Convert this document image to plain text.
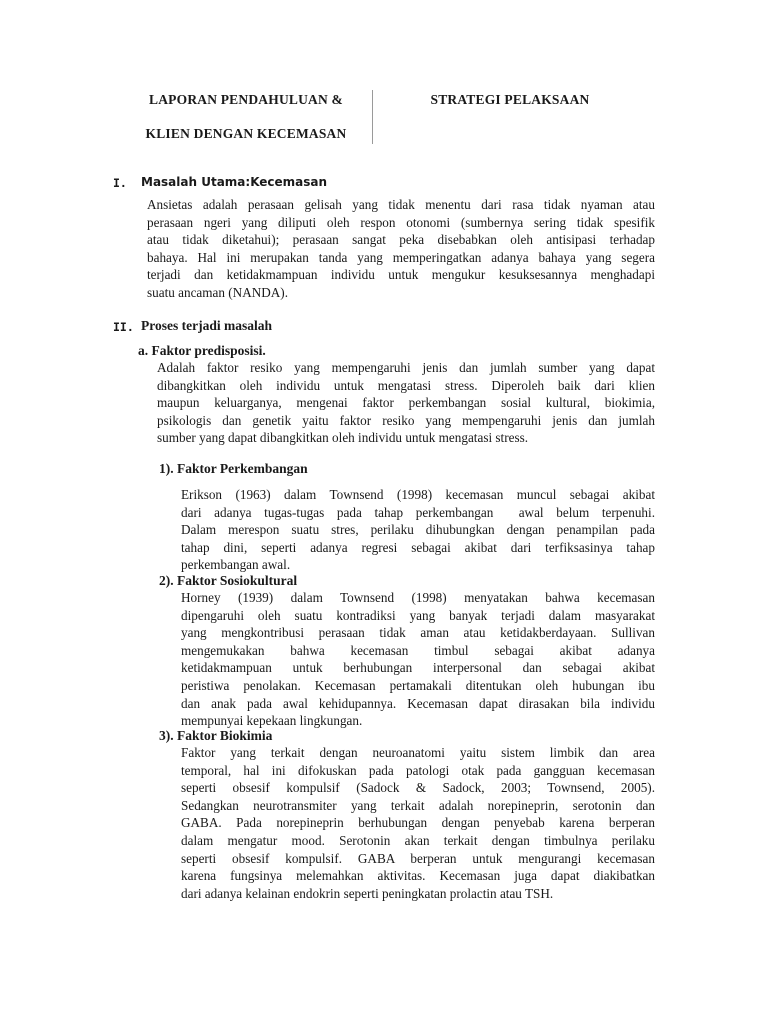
LAPORAN PENDAHULUAN &
KLIEN DENGAN KECEMASAN
STRATEGI PELAKSAAN
I. Masalah Utama:Kecemasan
Ansietas adalah perasaan gelisah yang tidak menentu dari rasa tidak nyaman atau
perasaan ngeri yang diliputi oleh respon otonomi (sumbernya sering tidak spesifik
atau tidak diketahui); perasaan sangat peka disebabkan oleh antisipasi terhadap
bahaya. Hal ini merupakan tanda yang memperingatkan adanya bahaya yang segera
terjadi dan ketidakmampuan individu untuk mengukur kesuksesannya menghadapi
suatu ancaman (NANDA).
II. Proses terjadi masalah
a. Faktor predisposisi.
Adalah faktor resiko yang mempengaruhi jenis dan jumlah sumber yang dapat
dibangkitkan oleh individu untuk mengatasi stress. Diperoleh baik dari klien
maupun keluarganya, mengenai faktor perkembangan sosial kultural, biokimia,
psikologis dan genetik yaitu faktor resiko yang mempengaruhi jenis dan jumlah
sumber yang dapat dibangkitkan oleh individu untuk mengatasi stress.
1). Faktor Perkembangan
Erikson (1963) dalam Townsend (1998) kecemasan muncul sebagai akibat
dari adanya tugas-tugas pada tahap perkembangan  awal belum terpenuhi.
Dalam merespon suatu stres, perilaku dihubungkan dengan penampilan pada
tahap dini, seperti adanya regresi sebagai akibat dari terfiksasinya tahap
perkembangan awal.
2). Faktor Sosiokultural
Horney (1939) dalam Townsend (1998) menyatakan bahwa kecemasan
dipengaruhi oleh suatu kontradiksi yang banyak terjadi dalam masyarakat
yang mengkontribusi perasaan tidak aman atau ketidakberdayaan. Sullivan
mengemukakan bahwa kecemasan timbul sebagai akibat adanya
ketidakmampuan untuk berhubungan interpersonal dan sebagai akibat
peristiwa penolakan. Kecemasan pertamakali ditentukan oleh hubungan ibu
dan anak pada awal kehidupannya. Kecemasan dapat dirasakan bila individu
mempunyai kepekaan lingkungan.
3). Faktor Biokimia
Faktor yang terkait dengan neuroanatomi yaitu sistem limbik dan area
temporal, hal ini difokuskan pada patologi otak pada gangguan kecemasan
seperti obsesif kompulsif (Sadock & Sadock, 2003; Townsend, 2005).
Sedangkan neurotransmiter yang terkait adalah norepineprin, serotonin dan
GABA. Pada norepineprin berhubungan dengan penyebab karena berperan
dalam mengatur mood. Serotonin akan terkait dengan timbulnya perilaku
seperti obsesif kompulsif. GABA berperan untuk mengurangi kecemasan
karena fungsinya melemahkan aktivitas. Kecemasan juga dapat diakibatkan
dari adanya kelainan endokrin seperti peningkatan prolactin atau TSH.
